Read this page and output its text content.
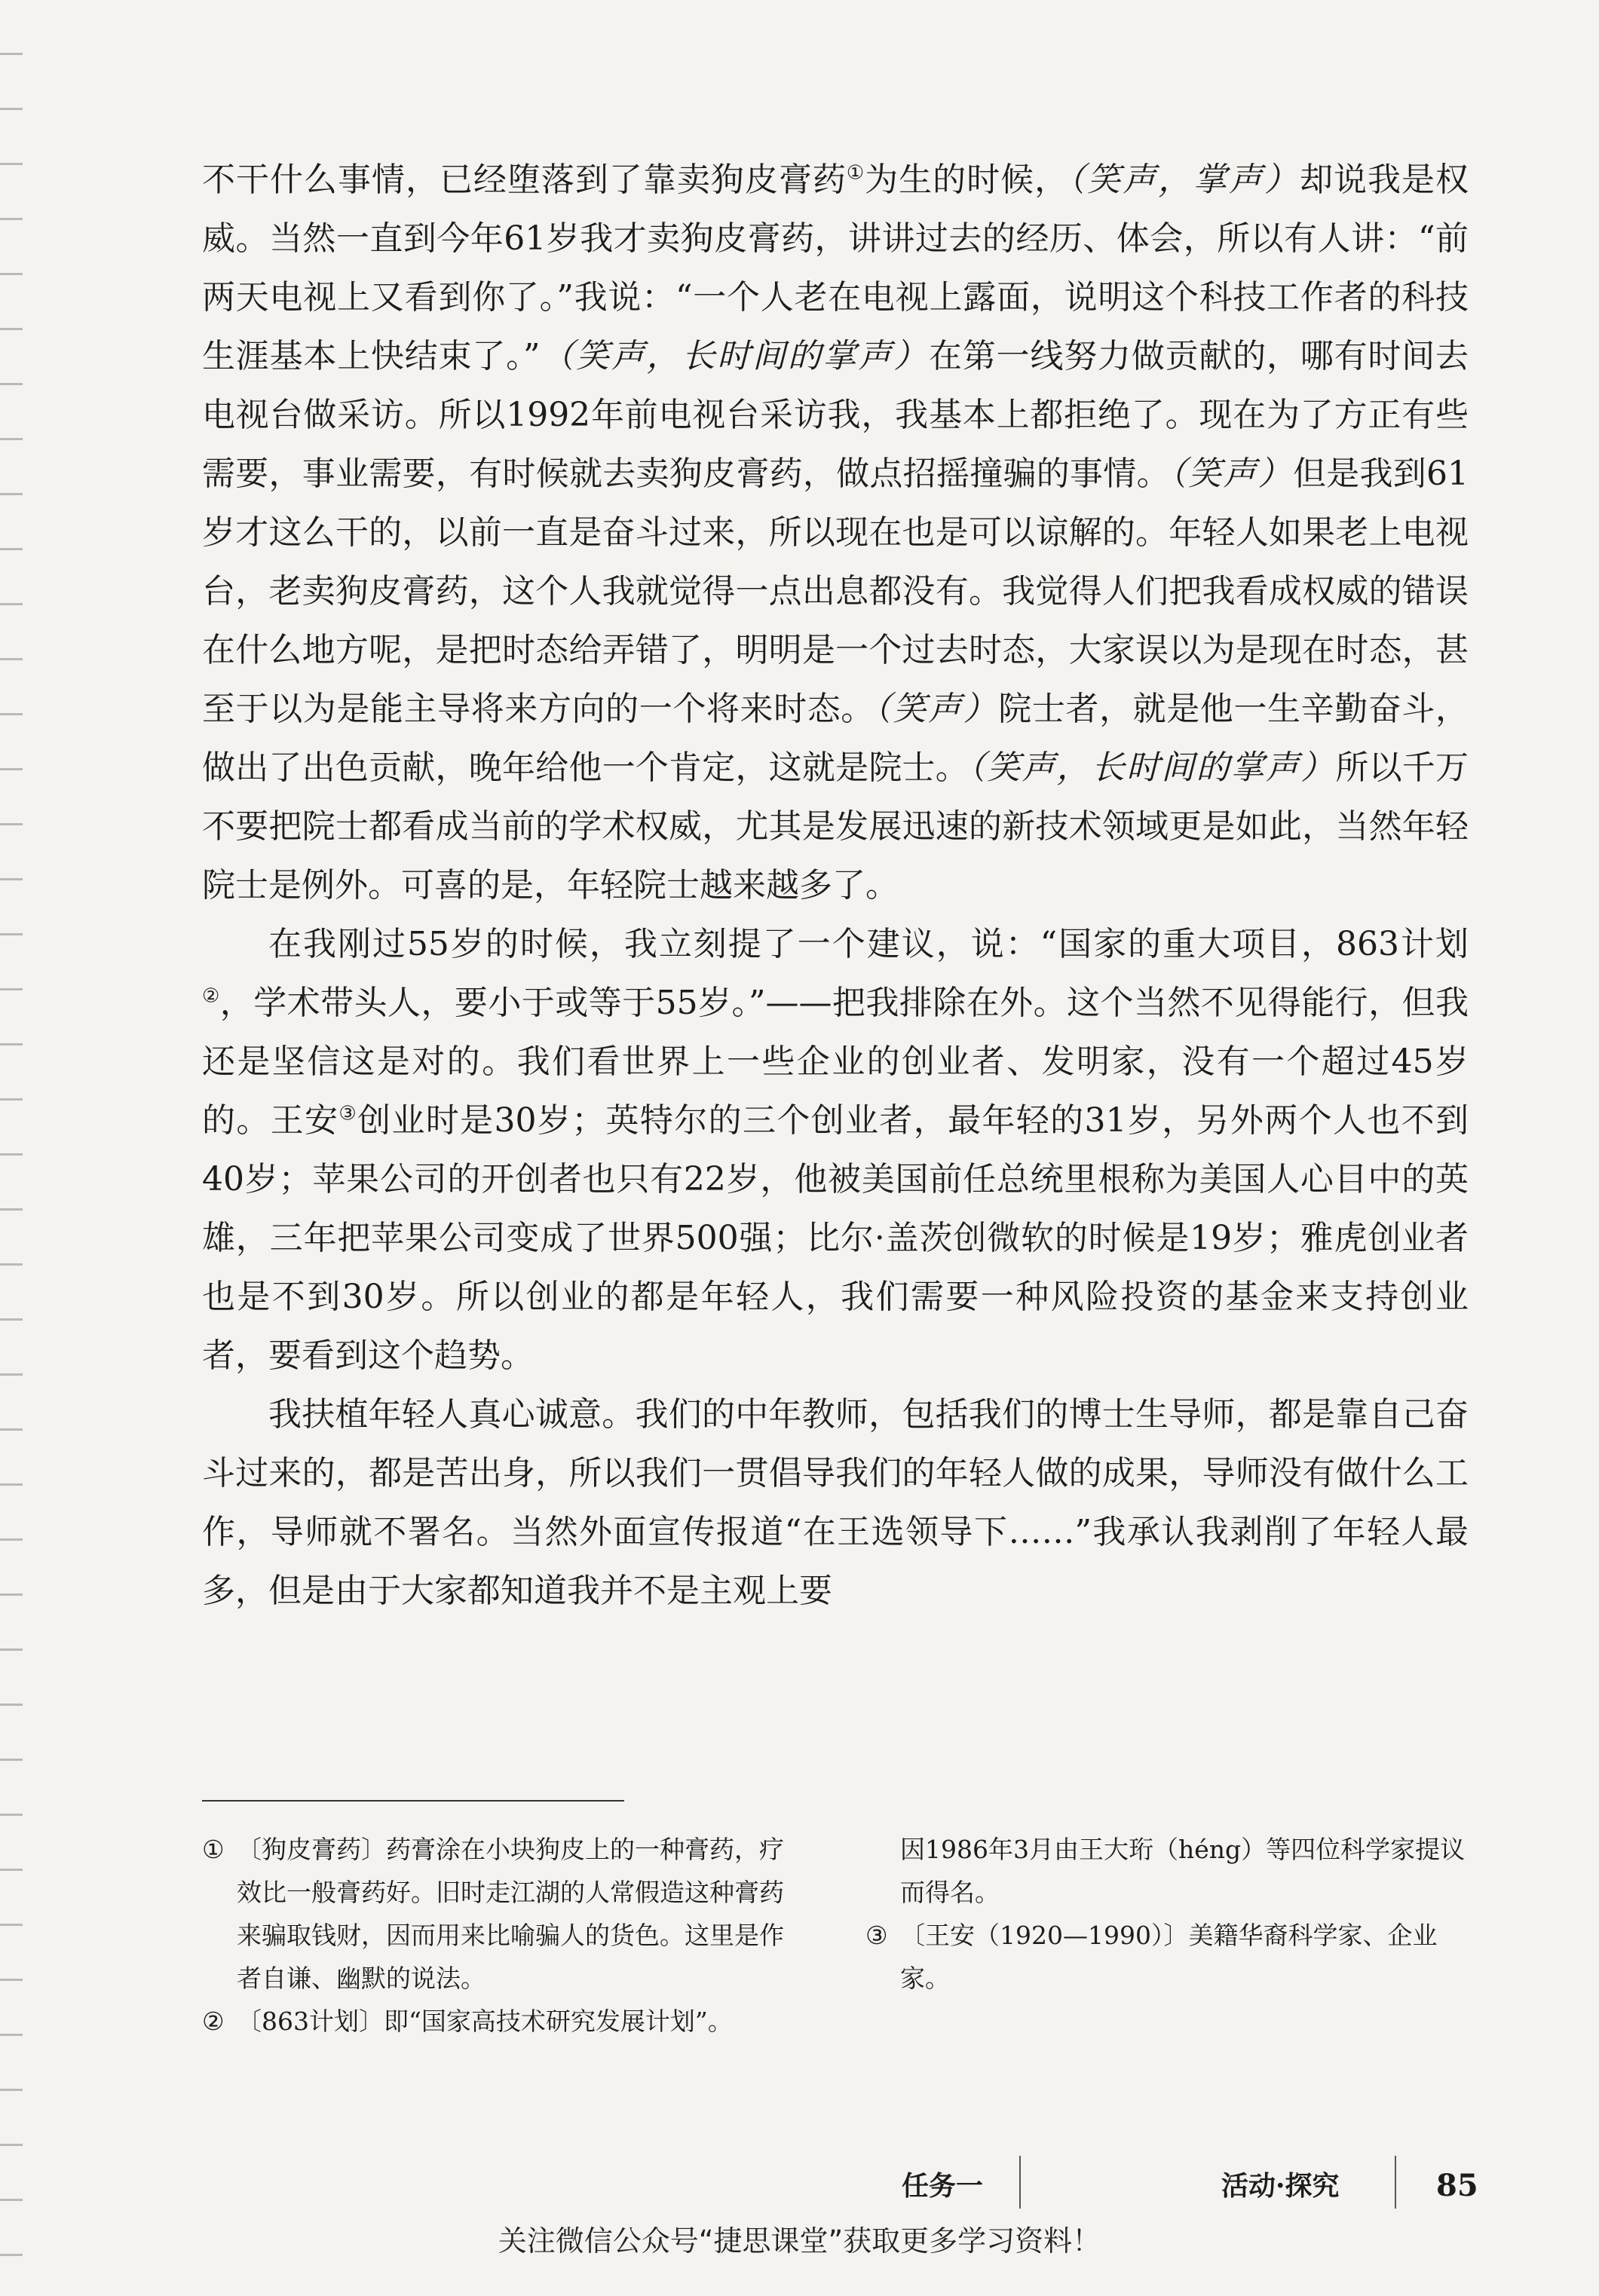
不干什么事情，已经堕落到了靠卖狗皮膏药①为生的时候，（笑声，掌声）却说我是权威。当然一直到今年61岁我才卖狗皮膏药，讲讲过去的经历、体会，所以有人讲：“前两天电视上又看到你了。”我说：“一个人老在电视上露面，说明这个科技工作者的科技生涯基本上快结束了。”（笑声，长时间的掌声）在第一线努力做贡献的，哪有时间去电视台做采访。所以1992年前电视台采访我，我基本上都拒绝了。现在为了方正有些需要，事业需要，有时候就去卖狗皮膏药，做点招摇撞骗的事情。（笑声）但是我到61岁才这么干的，以前一直是奋斗过来，所以现在也是可以谅解的。年轻人如果老上电视台，老卖狗皮膏药，这个人我就觉得一点出息都没有。我觉得人们把我看成权威的错误在什么地方呢，是把时态给弄错了，明明是一个过去时态，大家误以为是现在时态，甚至于以为是能主导将来方向的一个将来时态。（笑声）院士者，就是他一生辛勤奋斗，做出了出色贡献，晚年给他一个肯定，这就是院士。（笑声，长时间的掌声）所以千万不要把院士都看成当前的学术权威，尤其是发展迅速的新技术领域更是如此，当然年轻院士是例外。可喜的是，年轻院士越来越多了。

在我刚过55岁的时候，我立刻提了一个建议，说：“国家的重大项目，863计划②，学术带头人，要小于或等于55岁。”——把我排除在外。这个当然不见得能行，但我还是坚信这是对的。我们看世界上一些企业的创业者、发明家，没有一个超过45岁的。王安③创业时是30岁；英特尔的三个创业者，最年轻的31岁，另外两个人也不到40岁；苹果公司的开创者也只有22岁，他被美国前任总统里根称为美国人心目中的英雄，三年把苹果公司变成了世界500强；比尔·盖茨创微软的时候是19岁；雅虎创业者也是不到30岁。所以创业的都是年轻人，我们需要一种风险投资的基金来支持创业者，要看到这个趋势。

我扶植年轻人真心诚意。我们的中年教师，包括我们的博士生导师，都是靠自己奋斗过来的，都是苦出身，所以我们一贯倡导我们的年轻人做的成果，导师没有做什么工作，导师就不署名。当然外面宣传报道“在王选领导下……”我承认我剥削了年轻人最多，但是由于大家都知道我并不是主观上要

① 〔狗皮膏药〕药膏涂在小块狗皮上的一种膏药，疗效比一般膏药好。旧时走江湖的人常假造这种膏药来骗取钱财，因而用来比喻骗人的货色。这里是作者自谦、幽默的说法。

② 〔863计划〕即“国家高技术研究发展计划”。

因1986年3月由王大珩（héng）等四位科学家提议而得名。

③ 〔王安（1920—1990）〕美籍华裔科学家、企业家。

任务一	活动·探究	85
关注微信公众号“捷思课堂”获取更多学习资料！
